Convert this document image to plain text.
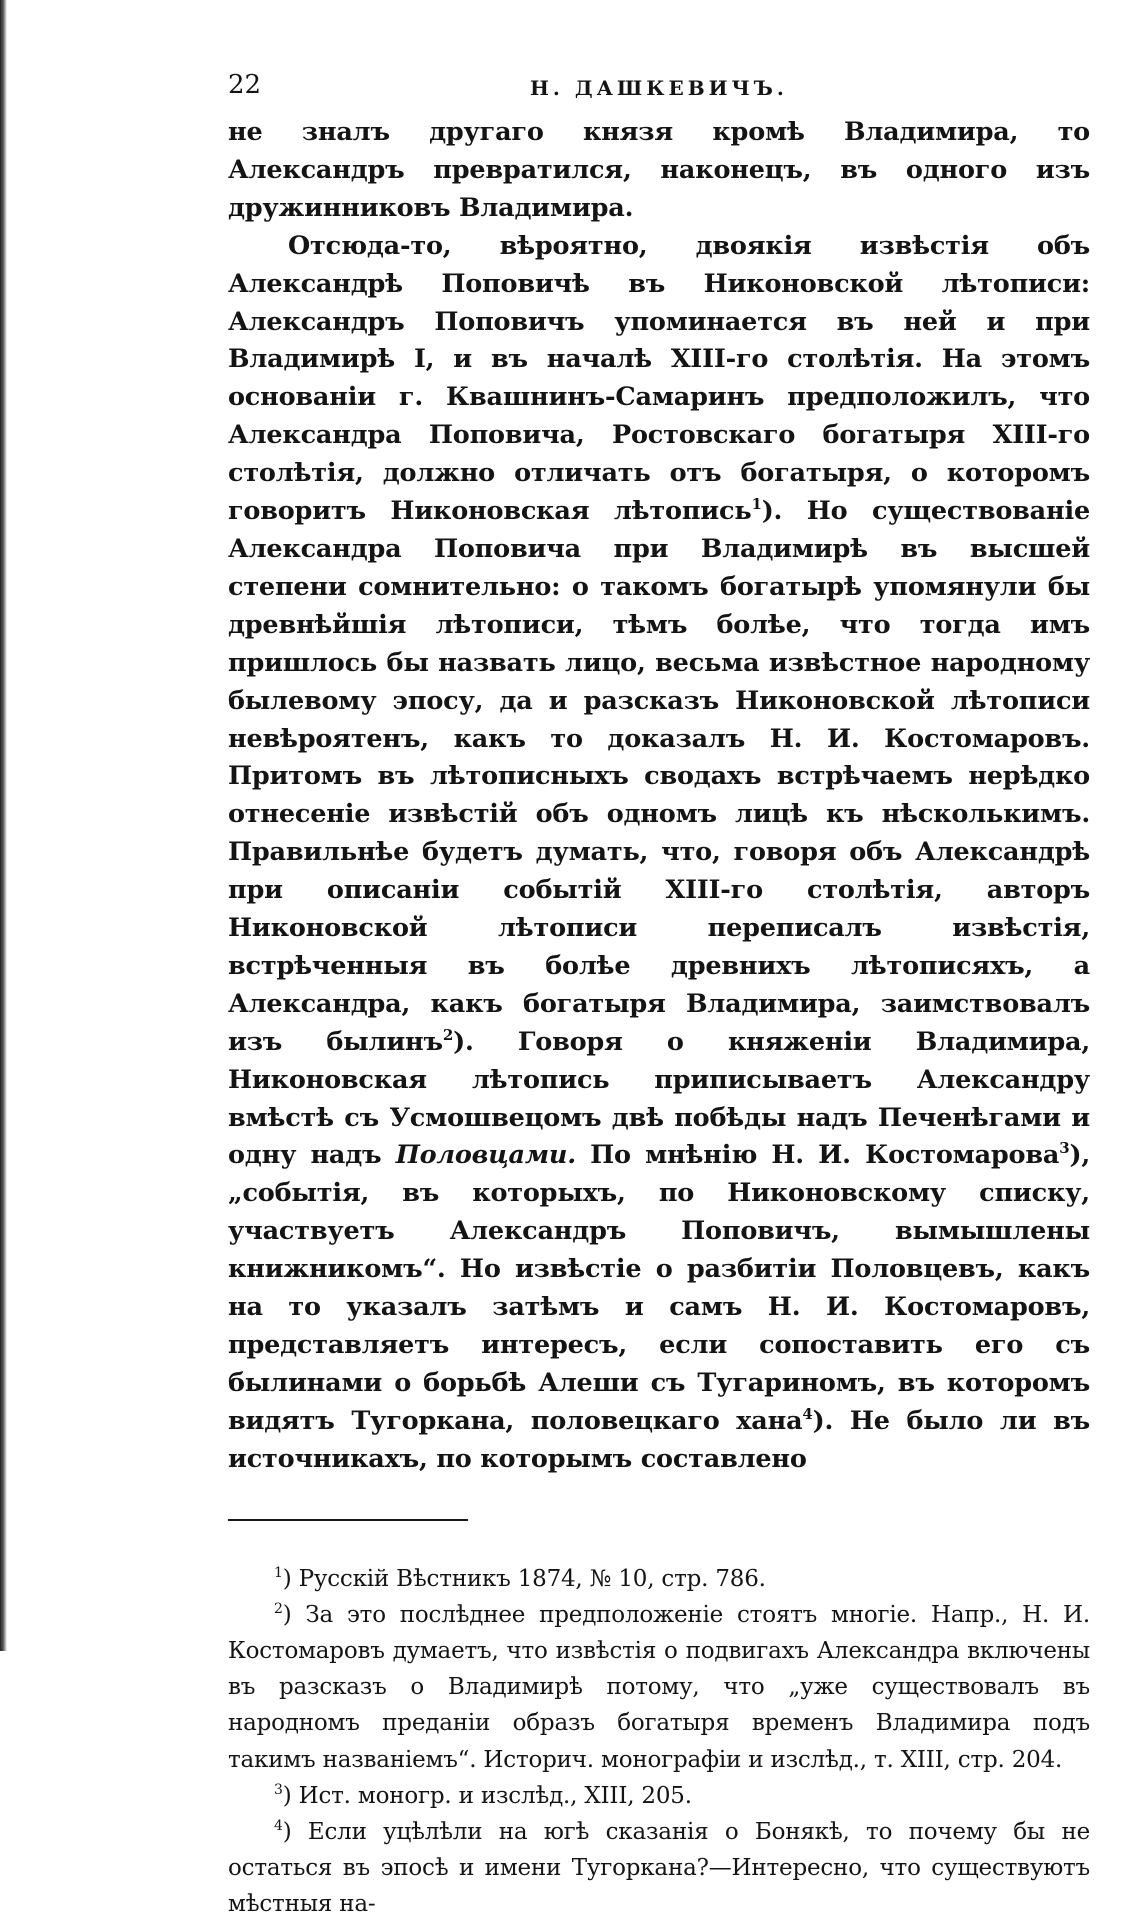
22	Н. ДАШКЕВИЧЪ.

не зналъ другаго князя кромѣ Владимира, то Александръ превратился, наконецъ, въ одного изъ дружинниковъ Владимира.

Отсюда-то, вѣроятно, двоякія извѣстія объ Александрѣ Поповичѣ въ Никоновской лѣтописи: Александръ Поповичъ упоминается въ ней и при Владимирѣ I, и въ началѣ XIII-го столѣтія. На этомъ основаніи г. Квашнинъ-Самаринъ предположилъ, что Александра Поповича, Ростовскаго богатыря XIII-го столѣтія, должно отличать отъ богатыря, о которомъ говоритъ Никоновская лѣтопись$^1$). Но существованіе Александра Поповича при Владимирѣ въ высшей степени сомнительно: о такомъ богатырѣ упомянули бы древнѣйшія лѣтописи, тѣмъ болѣе, что тогда имъ пришлось бы назвать лицо, весьма извѣстное народному былевому эпосу, да и разсказъ Никоновской лѣтописи невѣроятенъ, какъ то доказалъ Н. И. Костомаровъ. Притомъ въ лѣтописныхъ сводахъ встрѣчаемъ нерѣдко отнесеніе извѣстій объ одномъ лицѣ къ нѣсколькимъ. Правильнѣе будетъ думать, что, говоря объ Александрѣ при описаніи событій XIII-го столѣтія, авторъ Никоновской лѣтописи переписалъ извѣстія, встрѣченныя въ болѣе древнихъ лѣтописяхъ, а Александра, какъ богатыря Владимира, заимствовалъ изъ былинъ$^2$). Говоря о княженіи Владимира, Никоновская лѣтопись приписываетъ Александру вмѣстѣ съ Усмошвецомъ двѣ побѣды надъ Печенѣгами и одну надъ Половцами. По мнѣнію Н. И. Костомарова$^3$), „событія, въ которыхъ, по Никоновскому списку, участвуетъ Александръ Поповичъ, вымышлены книжникомъ“. Но извѣстіе о разбитіи Половцевъ, какъ на то указалъ затѣмъ и самъ Н. И. Костомаровъ, представляетъ интересъ, если сопоставить его съ былинами о борьбѣ Алеши съ Тугариномъ, въ которомъ видятъ Тугоркана, половецкаго хана$^4$). Не было ли въ источникахъ, по которымъ составлено

$^1$) Русскій Вѣстникъ 1874, № 10, стр. 786.

$^2$) За это послѣднее предположеніе стоятъ многіе. Напр., Н. И. Костомаровъ думаетъ, что извѣстія о подвигахъ Александра включены въ разсказъ о Владимирѣ потому, что „уже существовалъ въ народномъ преданіи образъ богатыря временъ Владимира подъ такимъ названіемъ“. Историч. монографіи и изслѣд., т. XIII, стр. 204.

$^3$) Ист. моногр. и изслѣд., XIII, 205.

$^4$) Если уцѣлѣли на югѣ сказанія о Бонякѣ, то почему бы не остаться въ эпосѣ и имени Тугоркана?—Интересно, что существуютъ мѣстныя на-
